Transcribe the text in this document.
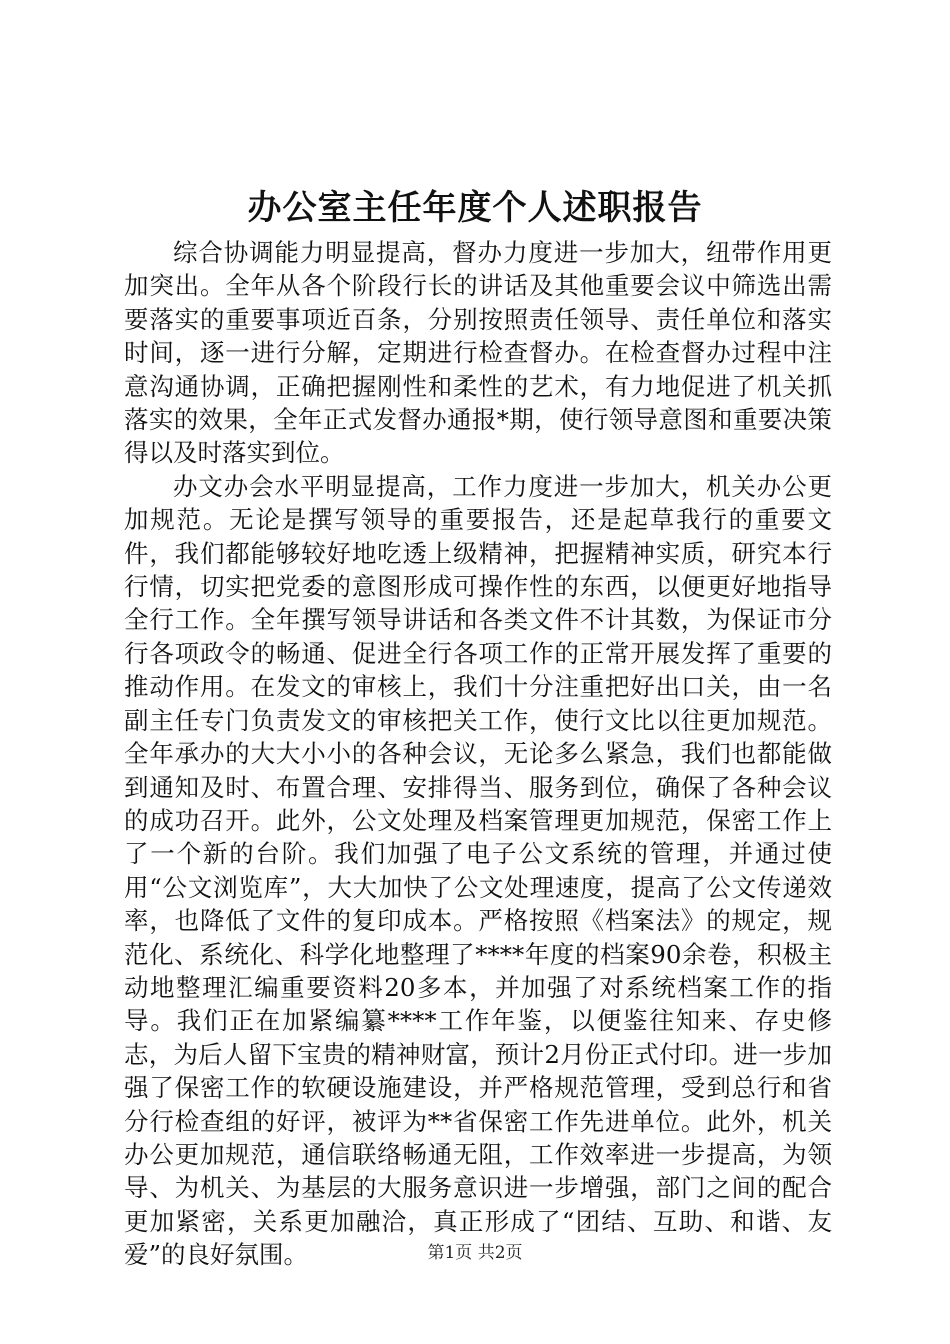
办公室主任年度个人述职报告

综合协调能力明显提高，督办力度进一步加大，纽带作用更加突出。全年从各个阶段行长的讲话及其他重要会议中筛选出需要落实的重要事项近百条，分别按照责任领导、责任单位和落实时间，逐一进行分解，定期进行检查督办。在检查督办过程中注意沟通协调，正确把握刚性和柔性的艺术，有力地促进了机关抓落实的效果，全年正式发督办通报*期，使行领导意图和重要决策得以及时落实到位。

办文办会水平明显提高，工作力度进一步加大，机关办公更加规范。无论是撰写领导的重要报告，还是起草我行的重要文件，我们都能够较好地吃透上级精神，把握精神实质，研究本行行情，切实把党委的意图形成可操作性的东西，以便更好地指导全行工作。全年撰写领导讲话和各类文件不计其数，为保证市分行各项政令的畅通、促进全行各项工作的正常开展发挥了重要的推动作用。在发文的审核上，我们十分注重把好出口关，由一名副主任专门负责发文的审核把关工作，使行文比以往更加规范。全年承办的大大小小的各种会议，无论多么紧急，我们也都能做到通知及时、布置合理、安排得当、服务到位，确保了各种会议的成功召开。此外，公文处理及档案管理更加规范，保密工作上了一个新的台阶。我们加强了电子公文系统的管理，并通过使用“公文浏览库”，大大加快了公文处理速度，提高了公文传递效率，也降低了文件的复印成本。严格按照《档案法》的规定，规范化、系统化、科学化地整理了****年度的档案90余卷，积极主动地整理汇编重要资料20多本，并加强了对系统档案工作的指导。我们正在加紧编纂****工作年鉴，以便鉴往知来、存史修志，为后人留下宝贵的精神财富，预计2月份正式付印。进一步加强了保密工作的软硬设施建设，并严格规范管理，受到总行和省分行检查组的好评，被评为**省保密工作先进单位。此外，机关办公更加规范，通信联络畅通无阻，工作效率进一步提高，为领导、为机关、为基层的大服务意识进一步增强，部门之间的配合更加紧密，关系更加融洽，真正形成了“团结、互助、和谐、友爱”的良好氛围。	第1页 共2页
